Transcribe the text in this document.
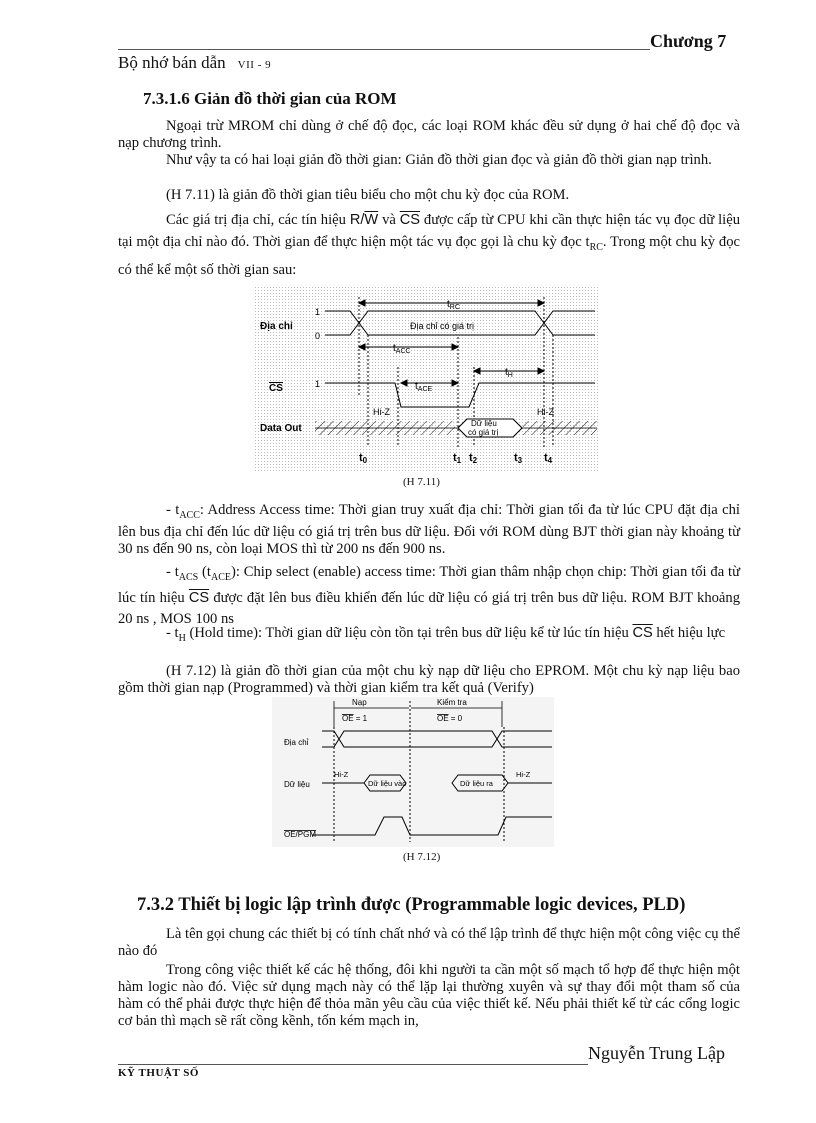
Chương 7
Bộ nhớ bán dẫn VII - 9
7.3.1.6 Giản đồ thời gian của ROM
Ngoại trừ MROM chỉ dùng ở chế độ đọc, các loại ROM khác đều sử dụng ở hai chế độ đọc và nạp chương trình.
Như vậy ta có hai loại giản đồ thời gian: Giản đồ thời gian đọc và giản đồ thời gian nạp trình.
(H 7.11) là giản đồ thời gian tiêu biểu cho một chu kỳ đọc của ROM.
Các giá trị địa chỉ, các tín hiệu $R/\overline{W}$ và $\overline{CS}$ được cấp từ CPU khi cần thực hiện tác vụ đọc dữ liệu tại một địa chỉ nào đó. Thời gian để thực hiện một tác vụ đọc gọi là chu kỳ đọc $t_{RC}$. Trong một chu kỳ đọc có thể kể một số thời gian sau:
Địa chỉ
1
0
CS	1
Data Out
Địa chỉ có giá trị
$t_{RC}$
$t_{ACC}$
$t_{ACE}$
$t_H$
Hi-Z	Hi-Z
Dữ liệu
có giá trị
t0	t1 t2	t3 t4
(H 7.11)
- $t_{ACC}$: Address Access time: Thời gian truy xuất địa chỉ: Thời gian tối đa từ lúc CPU đặt địa chỉ lên bus địa chỉ đến lúc dữ liệu có giá trị trên bus dữ liệu. Đối với ROM dùng BJT thời gian này khoảng từ 30 ns đến 90 ns, còn loại MOS thì từ 200 ns đến 900 ns.
- $t_{ACS}$ $(t_{ACE})$: Chip select (enable) access time: Thời gian thâm nhập chọn chip: Thời gian tối đa từ lúc tín hiệu $\overline{CS}$ được đặt lên bus điều khiển đến lúc dữ liệu có giá trị trên bus dữ liệu. ROM BJT khoảng 20 ns , MOS 100 ns
- $t_H$ (Hold time): Thời gian dữ liệu còn tồn tại trên bus dữ liệu kể từ lúc tín hiệu $\overline{CS}$ hết hiệu lực
(H 7.12) là giản đồ thời gian của một chu kỳ nạp dữ liệu cho EPROM. Một chu kỳ nạp liệu bao gồm thời gian nạp (Programmed) và thời gian kiểm tra kết quả (Verify)
Nạp	Kiểm tra
OE = 1	OE = 0
Địa chỉ
Dữ liệu
Hi-Z	Hi-Z
Dữ liệu vào	Dữ liệu ra
OE/PGM
(H 7.12)
7.3.2 Thiết bị logic lập trình được (Programmable logic devices, PLD)
Là tên gọi chung các thiết bị có tính chất nhớ và có thể lập trình để thực hiện một công việc cụ thể nào đó
Trong công việc thiết kế các hệ thống, đôi khi người ta cần một số mạch tổ hợp để thực hiện một hàm logic nào đó. Việc sử dụng mạch này có thể lặp lại thường xuyên và sự thay đổi một tham số của hàm có thể phải được thực hiện để thỏa mãn yêu cầu của việc thiết kế. Nếu phải thiết kế từ các cổng logic cơ bản thì mạch sẽ rất cồng kềnh, tốn kém mạch in,
Nguyễn Trung Lập
KỸ THUẬT SỐ
